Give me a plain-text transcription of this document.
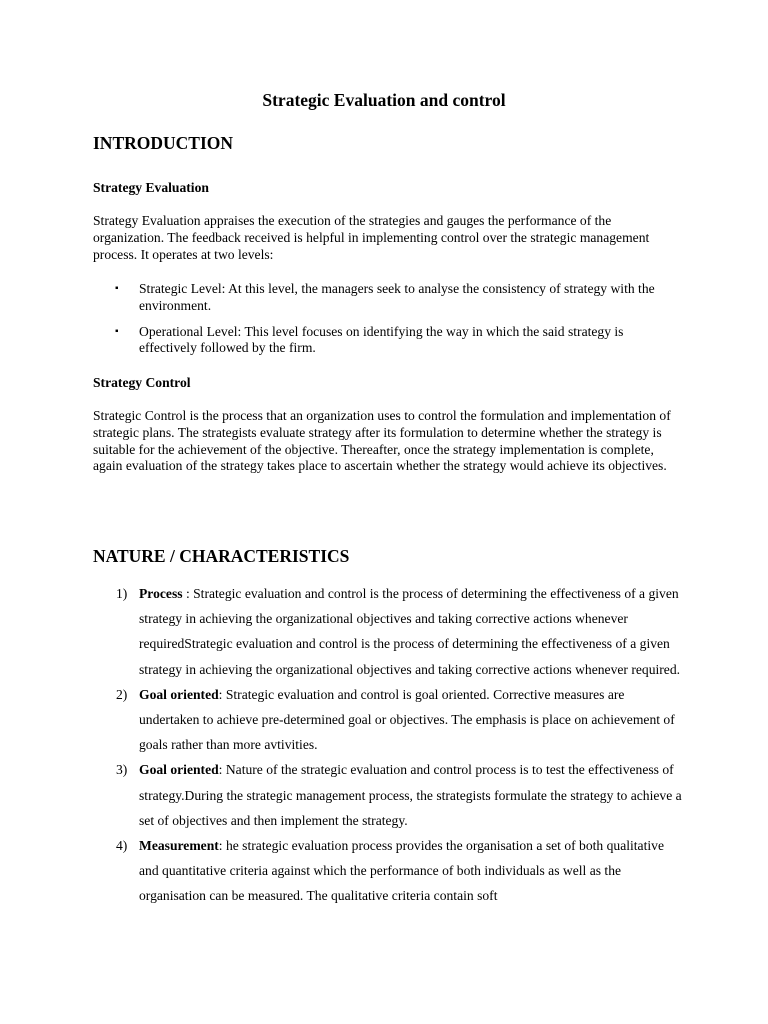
Strategic Evaluation and control
INTRODUCTION
Strategy Evaluation

Strategy Evaluation appraises the execution of the strategies and gauges the performance of the organization. The feedback received is helpful in implementing control over the strategic management process. It operates at two levels:

▪ Strategic Level: At this level, the managers seek to analyse the consistency of strategy with the environment.
▪ Operational Level: This level focuses on identifying the way in which the said strategy is effectively followed by the firm.
Strategy Control

Strategic Control is the process that an organization uses to control the formulation and implementation of strategic plans. The strategists evaluate strategy after its formulation to determine whether the strategy is suitable for the achievement of the objective. Thereafter, once the strategy implementation is complete, again evaluation of the strategy takes place to ascertain whether the strategy would achieve its objectives.

NATURE / CHARACTERISTICS
1) Process : Strategic evaluation and control is the process of determining the effectiveness of a given strategy in achieving the organizational objectives and taking corrective actions whenever requiredStrategic evaluation and control is the process of determining the effectiveness of a given strategy in achieving the organizational objectives and taking corrective actions whenever required.
2) Goal oriented: Strategic evaluation and control is goal oriented. Corrective measures are undertaken to achieve pre-determined goal or objectives. The emphasis is place on achievement of goals rather than more avtivities.
3) Goal oriented: Nature of the strategic evaluation and control process is to test the effectiveness of strategy.During the strategic management process, the strategists formulate the strategy to achieve a set of objectives and then implement the strategy.
4) Measurement: he strategic evaluation process provides the organisation a set of both qualitative and quantitative criteria against which the performance of both individuals as well as the organisation can be measured. The qualitative criteria contain soft
